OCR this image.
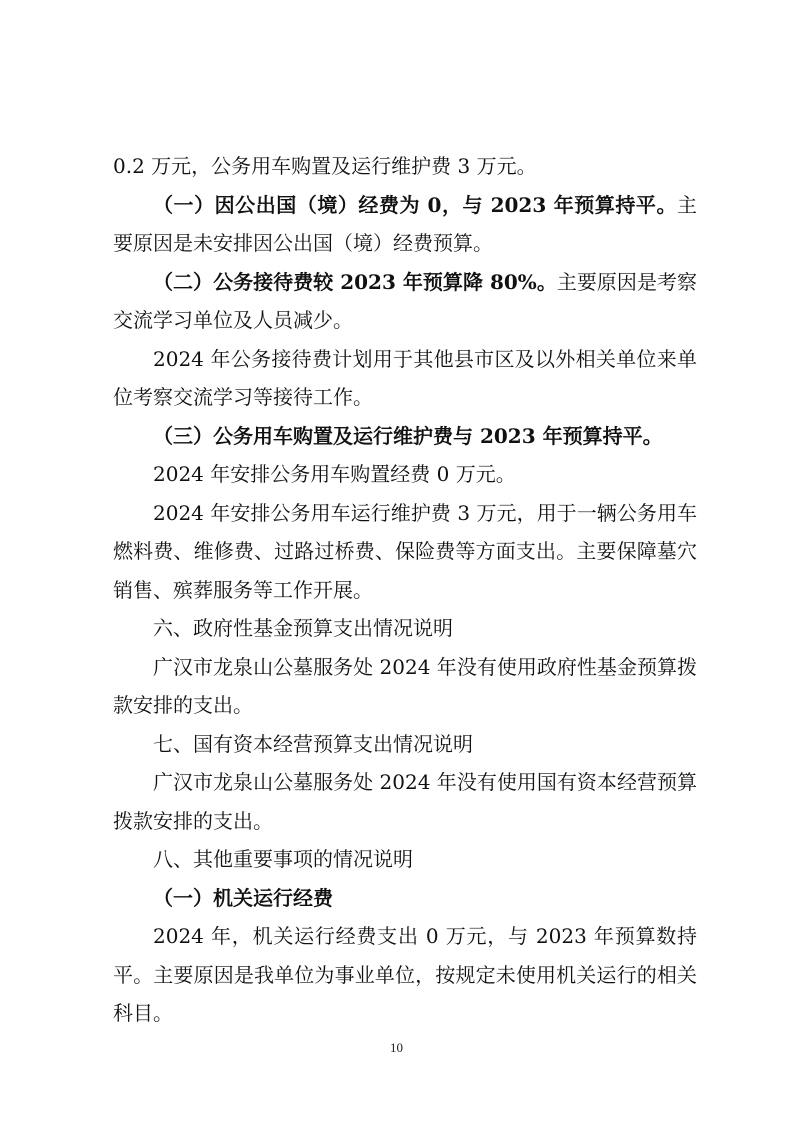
0.2 万元，公务用车购置及运行维护费 3 万元。

（一）因公出国（境）经费为 0，与 2023 年预算持平。主要原因是未安排因公出国（境）经费预算。

（二）公务接待费较 2023 年预算降 80%。主要原因是考察交流学习单位及人员减少。

2024 年公务接待费计划用于其他县市区及以外相关单位来单位考察交流学习等接待工作。

（三）公务用车购置及运行维护费与 2023 年预算持平。

2024 年安排公务用车购置经费 0 万元。

2024 年安排公务用车运行维护费 3 万元，用于一辆公务用车燃料费、维修费、过路过桥费、保险费等方面支出。主要保障墓穴销售、殡葬服务等工作开展。

六、政府性基金预算支出情况说明

广汉市龙泉山公墓服务处 2024 年没有使用政府性基金预算拨款安排的支出。

七、国有资本经营预算支出情况说明

广汉市龙泉山公墓服务处 2024 年没有使用国有资本经营预算拨款安排的支出。

八、其他重要事项的情况说明

（一）机关运行经费

2024 年，机关运行经费支出 0 万元，与 2023 年预算数持平。主要原因是我单位为事业单位，按规定未使用机关运行的相关科目。

10
